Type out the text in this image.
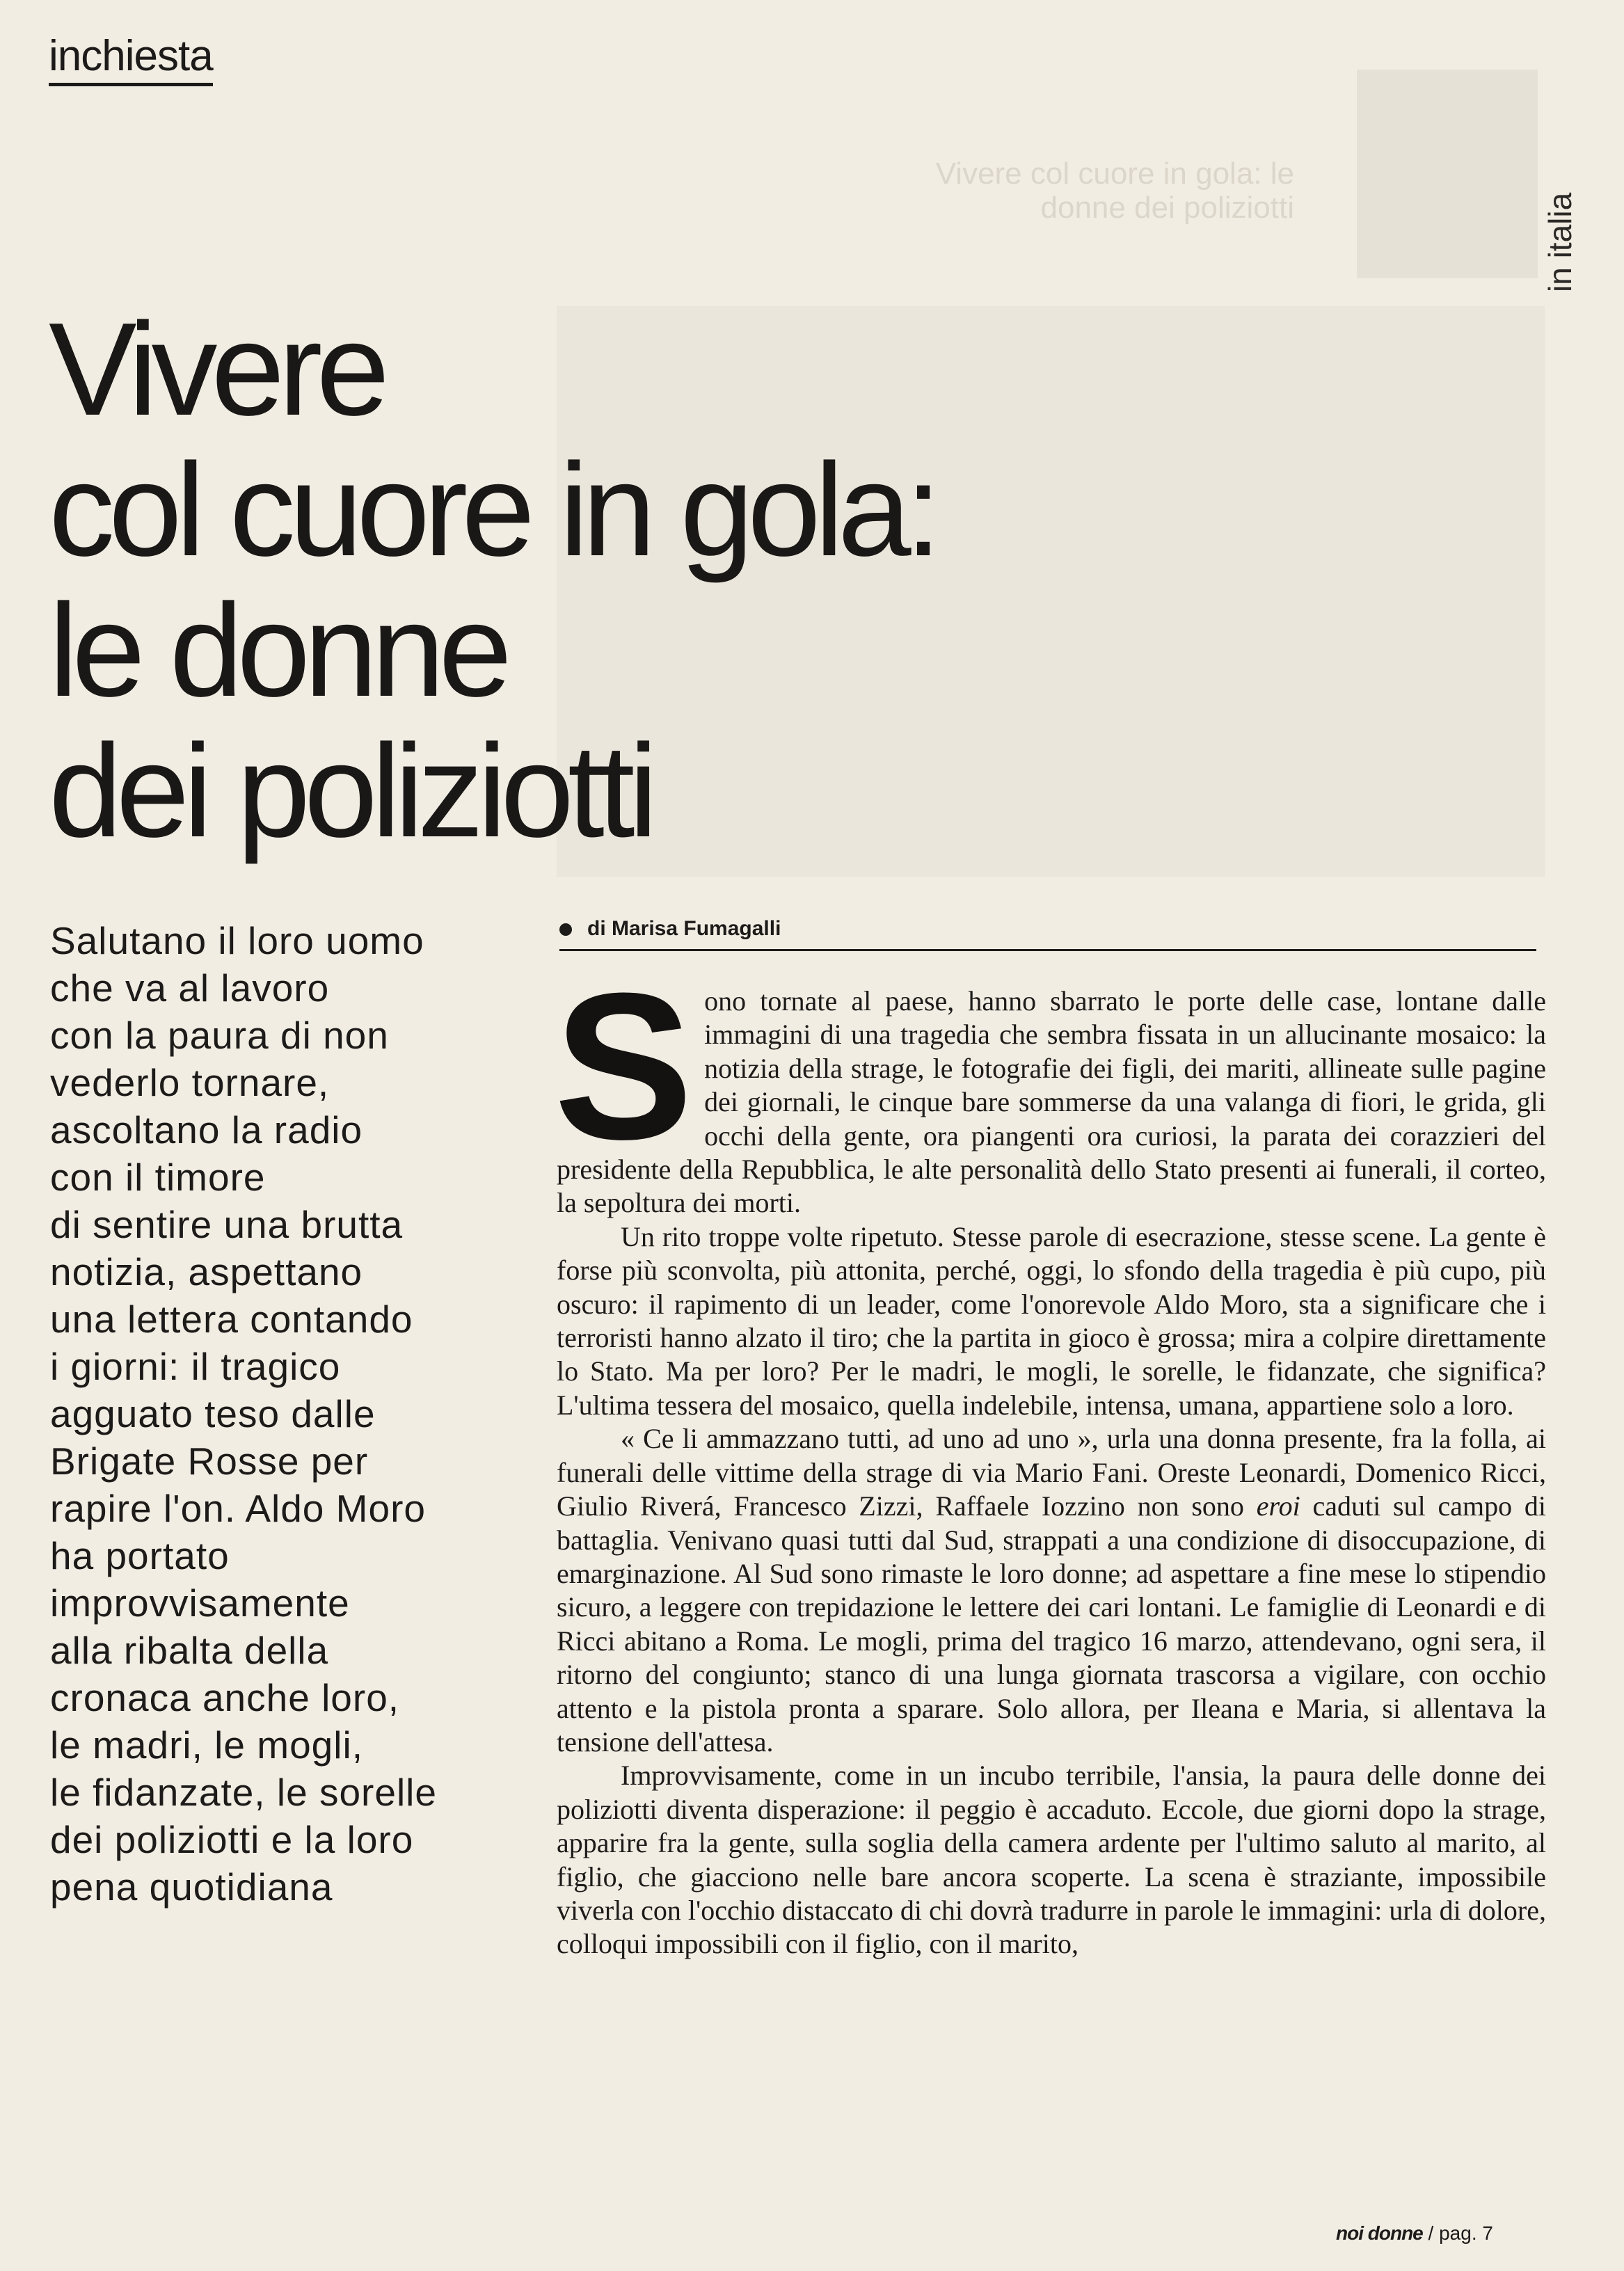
Vivere col cuore in gola: le donne dei poliziotti
inchiesta
in italia
Vivere
col cuore in gola:
le donne
dei poliziotti
Salutano il loro uomo
che va al lavoro
con la paura di non
vederlo tornare,
ascoltano la radio
con il timore
di sentire una brutta
notizia, aspettano
una lettera contando
i giorni: il tragico
agguato teso dalle
Brigate Rosse per
rapire l'on. Aldo Moro
ha portato
improvvisamente
alla ribalta della
cronaca anche loro,
le madri, le mogli,
le fidanzate, le sorelle
dei poliziotti e la loro
pena quotidiana
di Marisa Fumagalli

Sono tornate al paese, hanno sbarrato le porte delle case, lontane dalle immagini di una tragedia che sembra fissata in un allucinante mosaico: la notizia della strage, le fotografie dei figli, dei mariti, allineate sulle pagine dei giornali, le cinque bare sommerse da una valanga di fiori, le grida, gli occhi della gente, ora piangenti ora curiosi, la parata dei corazzieri del presidente della Repubblica, le alte personalità dello Stato presenti ai funerali, il corteo, la sepoltura dei morti.

Un rito troppe volte ripetuto. Stesse parole di esecrazione, stesse scene. La gente è forse più sconvolta, più attonita, perché, oggi, lo sfondo della tragedia è più cupo, più oscuro: il rapimento di un leader, come l'onorevole Aldo Moro, sta a significare che i terroristi hanno alzato il tiro; che la partita in gioco è grossa; mira a colpire direttamente lo Stato. Ma per loro? Per le madri, le mogli, le sorelle, le fidanzate, che significa? L'ultima tessera del mosaico, quella indelebile, intensa, umana, appartiene solo a loro.

« Ce li ammazzano tutti, ad uno ad uno », urla una donna presente, fra la folla, ai funerali delle vittime della strage di via Mario Fani. Oreste Leonardi, Domenico Ricci, Giulio Riverá, Francesco Zizzi, Raffaele Iozzino non sono eroi caduti sul campo di battaglia. Venivano quasi tutti dal Sud, strappati a una condizione di disoccupazione, di emarginazione. Al Sud sono rimaste le loro donne; ad aspettare a fine mese lo stipendio sicuro, a leggere con trepidazione le lettere dei cari lontani. Le famiglie di Leonardi e di Ricci abitano a Roma. Le mogli, prima del tragico 16 marzo, attendevano, ogni sera, il ritorno del congiunto; stanco di una lunga giornata trascorsa a vigilare, con occhio attento e la pistola pronta a sparare. Solo allora, per Ileana e Maria, si allentava la tensione dell'attesa.

Improvvisamente, come in un incubo terribile, l'ansia, la paura delle donne dei poliziotti diventa disperazione: il peggio è accaduto. Eccole, due giorni dopo la strage, apparire fra la gente, sulla soglia della camera ardente per l'ultimo saluto al marito, al figlio, che giacciono nelle bare ancora scoperte. La scena è straziante, impossibile viverla con l'occhio distaccato di chi dovrà tradurre in parole le immagini: urla di dolore, colloqui impossibili con il figlio, con il marito,

noi donne / pag. 7
